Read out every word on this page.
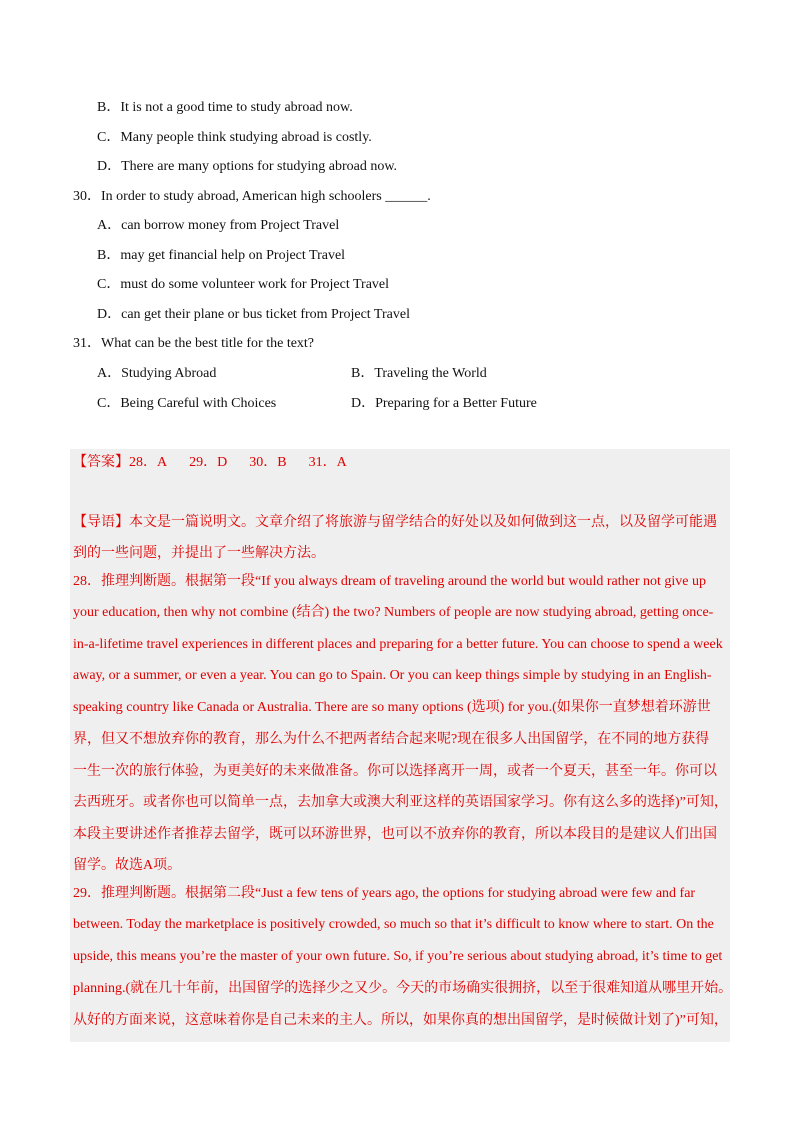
B．It is not a good time to study abroad now.
C．Many people think studying abroad is costly.
D．There are many options for studying abroad now.
30．In order to study abroad, American high schoolers ______.
A．can borrow money from Project Travel
B．may get financial help on Project Travel
C．must do some volunteer work for Project Travel
D．can get their plane or bus ticket from Project Travel
31．What can be the best title for the text?
A．Studying Abroad	B．Traveling the World
C．Being Careful with Choices	D．Preparing for a Better Future
【答案】28．A 29．D 30．B 31．A
【导语】本文是一篇说明文。文章介绍了将旅游与留学结合的好处以及如何做到这一点，以及留学可能遇
到的一些问题，并提出了一些解决方法。
28．推理判断题。根据第一段“If you always dream of traveling around the world but would rather not give up
your education, then why not combine (结合) the two? Numbers of people are now studying abroad, getting once-
in-a-lifetime travel experiences in different places and preparing for a better future. You can choose to spend a week
away, or a summer, or even a year. You can go to Spain. Or you can keep things simple by studying in an English-
speaking country like Canada or Australia. There are so many options (选项) for you.(如果你一直梦想着环游世
界，但又不想放弃你的教育，那么为什么不把两者结合起来呢?现在很多人出国留学，在不同的地方获得
一生一次的旅行体验，为更美好的未来做准备。你可以选择离开一周，或者一个夏天，甚至一年。你可以
去西班牙。或者你也可以简单一点，去加拿大或澳大利亚这样的英语国家学习。你有这么多的选择)”可知，
本段主要讲述作者推荐去留学，既可以环游世界，也可以不放弃你的教育，所以本段目的是建议人们出国
留学。故选A项。
29．推理判断题。根据第二段“Just a few tens of years ago, the options for studying abroad were few and far
between. Today the marketplace is positively crowded, so much so that it’s difficult to know where to start. On the
upside, this means you’re the master of your own future. So, if you’re serious about studying abroad, it’s time to get
planning.(就在几十年前，出国留学的选择少之又少。今天的市场确实很拥挤，以至于很难知道从哪里开始。
从好的方面来说，这意味着你是自己未来的主人。所以，如果你真的想出国留学，是时候做计划了)”可知，
